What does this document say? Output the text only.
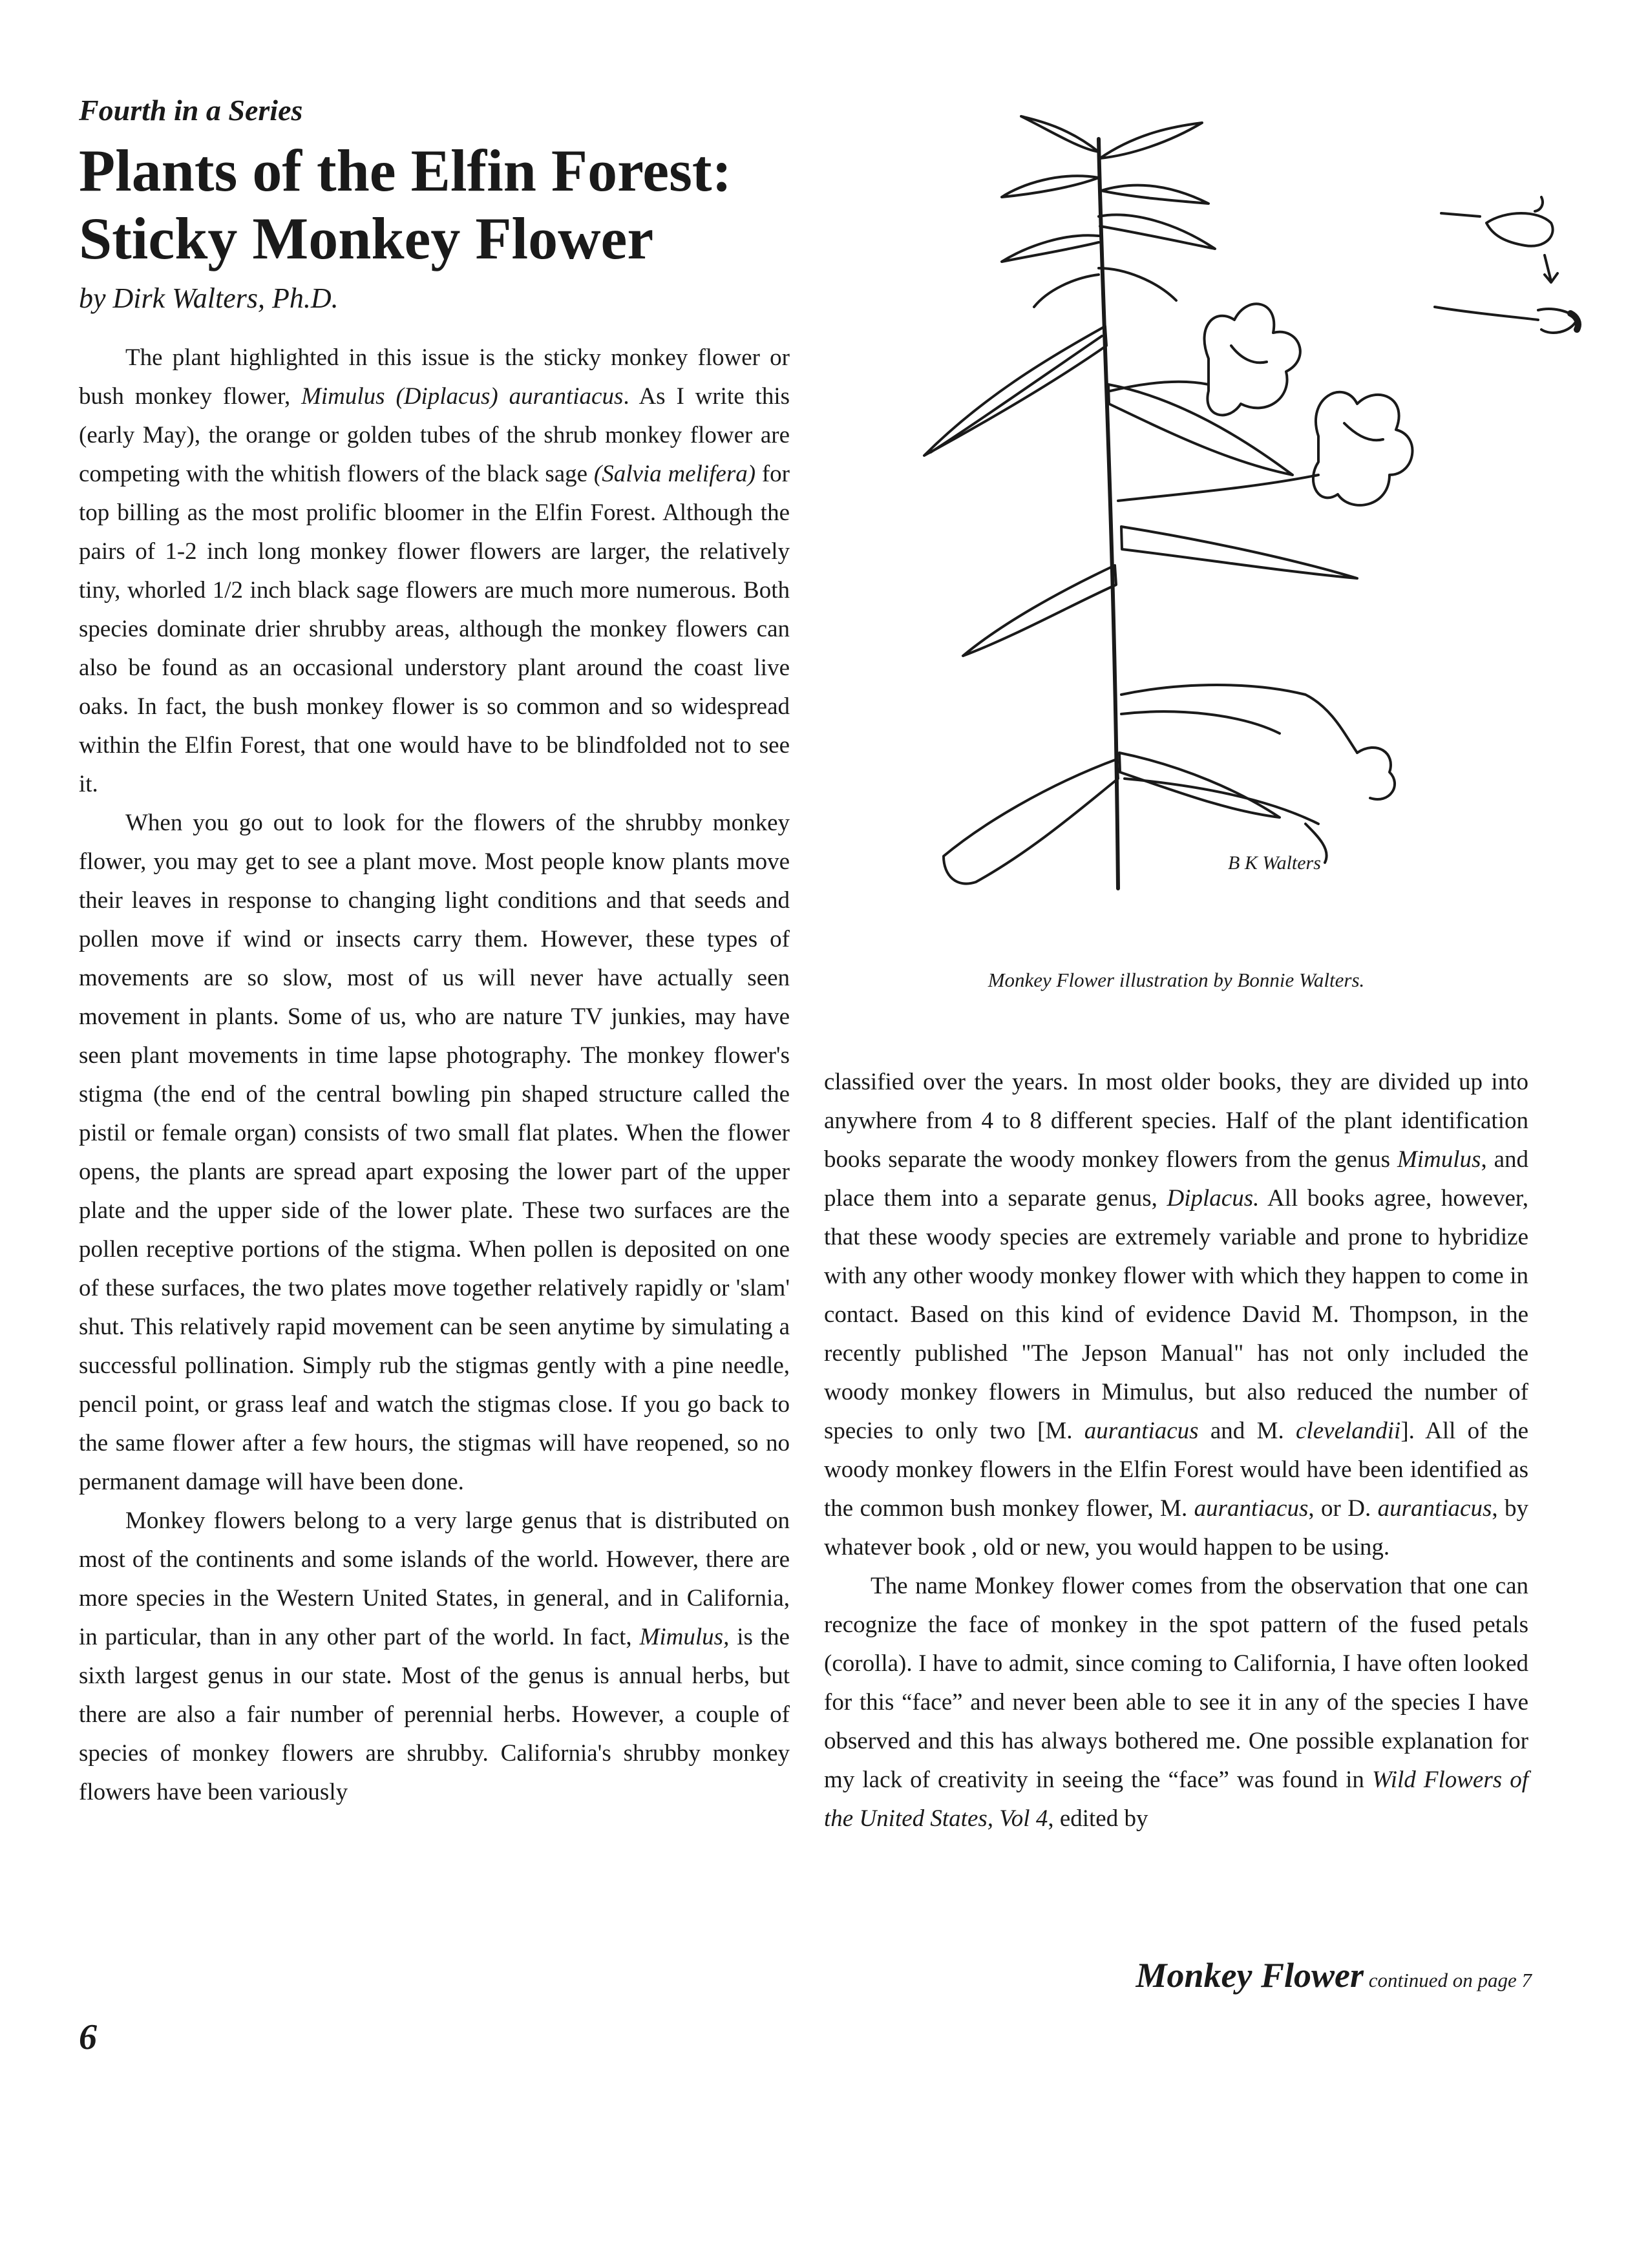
Fourth in a Series
Plants of the Elfin Forest:
Sticky Monkey Flower
by Dirk Walters, Ph.D.

The plant highlighted in this issue is the sticky monkey flower or bush monkey flower, Mimulus (Diplacus) aurantiacus. As I write this (early May), the orange or golden tubes of the shrub monkey flower are competing with the whitish flowers of the black sage (Salvia melifera) for top billing as the most prolific bloomer in the Elfin Forest. Although the pairs of 1-2 inch long monkey flower flowers are larger, the relatively tiny, whorled 1/2 inch black sage flowers are much more numerous. Both species dominate drier shrubby areas, although the monkey flowers can also be found as an occasional understory plant around the coast live oaks. In fact, the bush monkey flower is so common and so widespread within the Elfin Forest, that one would have to be blindfolded not to see it.

When you go out to look for the flowers of the shrubby monkey flower, you may get to see a plant move. Most people know plants move their leaves in response to changing light conditions and that seeds and pollen move if wind or insects carry them. However, these types of movements are so slow, most of us will never have actually seen movement in plants. Some of us, who are nature TV junkies, may have seen plant movements in time lapse photography. The monkey flower's stigma (the end of the central bowling pin shaped structure called the pistil or female organ) consists of two small flat plates. When the flower opens, the plants are spread apart exposing the lower part of the upper plate and the upper side of the lower plate. These two surfaces are the pollen receptive portions of the stigma. When pollen is deposited on one of these surfaces, the two plates move together relatively rapidly or 'slam' shut. This relatively rapid movement can be seen anytime by simulating a successful pollination. Simply rub the stigmas gently with a pine needle, pencil point, or grass leaf and watch the stigmas close. If you go back to the same flower after a few hours, the stigmas will have reopened, so no permanent damage will have been done.

Monkey flowers belong to a very large genus that is distributed on most of the continents and some islands of the world. However, there are more species in the Western United States, in general, and in California, in particular, than in any other part of the world. In fact, Mimulus, is the sixth largest genus in our state. Most of the genus is annual herbs, but there are also a fair number of perennial herbs. However, a couple of species of monkey flowers are shrubby. California's shrubby monkey flowers have been variously

B K Walters
Monkey Flower illustration by Bonnie Walters.

classified over the years. In most older books, they are divided up into anywhere from 4 to 8 different species. Half of the plant identification books separate the woody monkey flowers from the genus Mimulus, and place them into a separate genus, Diplacus. All books agree, however, that these woody species are extremely variable and prone to hybridize with any other woody monkey flower with which they happen to come in contact. Based on this kind of evidence David M. Thompson, in the recently published "The Jepson Manual" has not only included the woody monkey flowers in Mimulus, but also reduced the number of species to only two [M. aurantiacus and M. clevelandii]. All of the woody monkey flowers in the Elfin Forest would have been identified as the common bush monkey flower, M. aurantiacus, or D. aurantiacus, by whatever book , old or new, you would happen to be using.

The name Monkey flower comes from the observation that one can recognize the face of monkey in the spot pattern of the fused petals (corolla). I have to admit, since coming to California, I have often looked for this “face” and never been able to see it in any of the species I have observed and this has always bothered me. One possible explanation for my lack of creativity in seeing the “face” was found in Wild Flowers of the United States, Vol 4, edited by

Monkey Flower continued on page 7
6
